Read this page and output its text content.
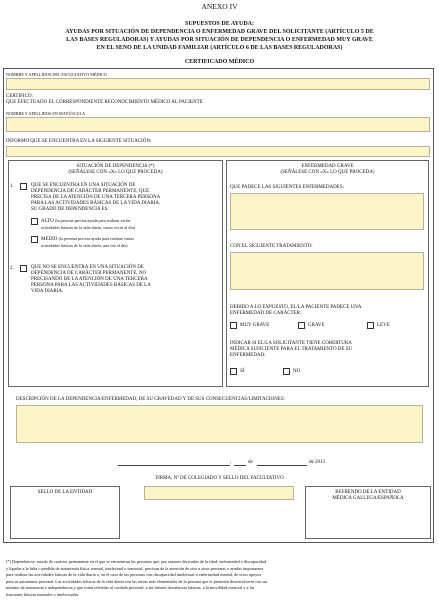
ANEXO IV
SUPUESTOS DE AYUDA:
AYUDAS POR SITUACIÓN DE DEPENDENCIA O ENFERMEDAD GRAVE DEL SOLICITANTE (ARTÍCULO 5 DE
LAS BASES REGULADORAS) Y AYUDAS POR SITUACIÓN DE DEPENDENCIA O ENFERMEDAD MUY GRAVE
EN EL SENO DE LA UNIDAD FAMILIAR (ARTÍCULO 6 DE LAS BASES REGULADORAS)
CERTIFICADO MÉDICO
NOMBRE Y APELLIDOS DEL FACULTATIVO MÉDICO
CERTIFICO:
QUE EFECTUADO EL CORRESPONDIENTE RECONOCIMIENTO MÉDICO AL PACIENTE
NOMBRE Y APELLIDOS EN MAYÚSCULA
INFORMO QUE SE ENCUENTRA EN LA SIGUIENTE SITUACIÓN:
SITUACIÓN DE DEPENDENCIA (*)
(SEÑÁLESE CON «X» LO QUE PROCEDA)
1.	QUE SE ENCUENTRA EN UNA SITUACIÓN DE
DEPENDENCIA DE CARÁCTER PERMANENTE, QUE
PRECISA DE LA ATENCIÓN DE UNA TERCERA PERSONA
PARA LAS ACTIVIDADES BÁSICAS DE LA VIDA DIARIA.
SU GRADO DE DEPENDENCIA ES:
ALTO (la persona precisa ayuda para realizar varias
actividades básicas de la vida diaria, varias veces al día)
MEDIO (la persona precisa ayuda para realizar varias
actividades básicas de la vida diaria, una vez al día)
2.	QUE NO SE ENCUENTRA EN UNA SITUACIÓN DE
DEPENDENCIA DE CARÁCTER PERMANENTE, NO
PRECISANDO DE LA ATENCIÓN DE UNA TERCERA
PERSONA PARA LAS ACTIVIDADES BÁSICAS DE LA
VIDA DIARIA.
ENFERMEDAD GRAVE
(SEÑÁLESE CON «X» LO QUE PROCEDA)
QUE PADECE LAS SIGUIENTES ENFERMEDADES:
CON EL SIGUIENTE TRATAMIENTO:
DEBIDO A LO EXPUESTO, EL/LA PACIENTE PADECE UNA
ENFERMEDAD DE CARÁCTER:
MUY GRAVE	GRAVE	LEVE
INDICAR SI EL/LA SOLICITANTE TIENE COBERTURA
MÉDICA SUFICIENTE PARA EL TRATAMIENTO DE SU
ENFERMEDAD:
SÍ	NO
DESCRIPCIÓN DE LA DEPENDENCIA/ENFERMEDAD, DE SU GRAVEDAD Y DE SUS CONSECUENCIAS/LIMITACIONES:
,	de	de 2013
FIRMA, Nº DE COLEGIADO Y SELLO DEL FACULTATIVO
SELLO DE LA ENTIDAD	REFRENDO DE LA ENTIDAD
MÉDICA GALLEGA/ESPAÑOLA
(*) Dependencia: estado de carácter permanente en el que se encuentran las personas que, por razones derivadas de la edad, enfermedad o discapacidad
y ligadas a la falta o pérdida de autonomía física, mental, intelectual o sensorial, precisan de la atención de otra u otras personas o ayudas importantes
para realizar las actividades básicas de la vida diaria o, en el caso de las personas con discapacidad intelectual o enfermedad mental, de otros apoyos
para su autonomía personal. Las actividades básicas de la vida diaria son las tareas más elementales de la persona que le permiten desenvolverse con un
mínimo de autonomía e independencia y que están referidas al cuidado personal, a las labores domésticas básicas, a la movilidad esencial y a las
funciones básicas mentales o intelectuales.
